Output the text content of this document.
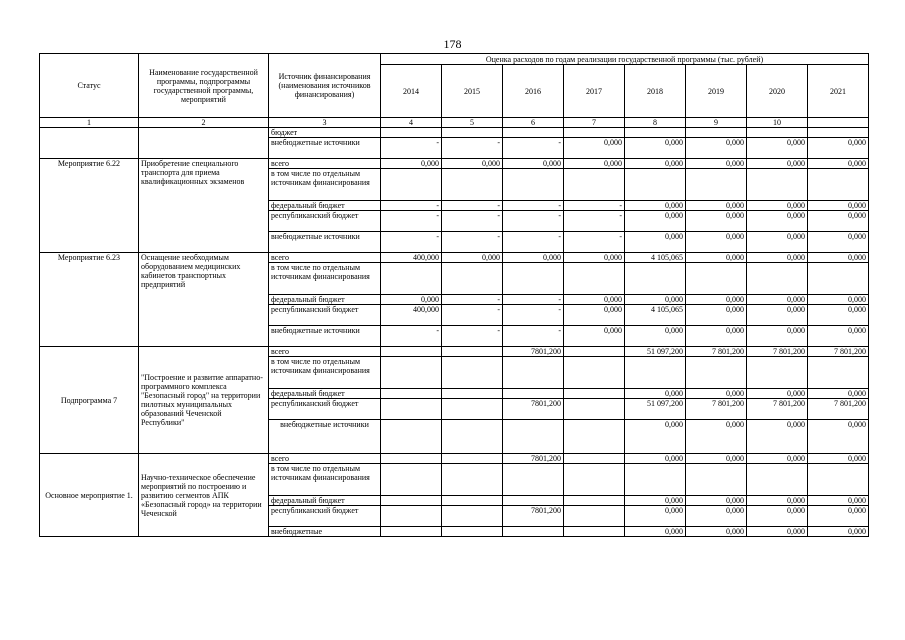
178
Статус	Наименование государственной программы, подпрограммы государственной программы, мероприятий	Источник финансирования (наименования источников финансирования)	Оценка расходов по годам реализации государственной программы (тыс. рублей)							
			2014	2015	2016	2017	2018	2019	2020	2021
1	2	3	4	5	6	7	8	9	10	
		бюджет								
		внебюджетные источники	-	-	-	0,000	0,000	0,000	0,000	0,000
Мероприятие 6.22	Приобретение специального транспорта для приема квалификационных экзаменов	всего	0,000	0,000	0,000	0,000	0,000	0,000	0,000	0,000
		в том числе по отдельным источникам финансирования								
		федеральный бюджет	-	-	-	-	0,000	0,000	0,000	0,000
		республиканский бюджет	-	-	-	-	0,000	0,000	0,000	0,000
		внебюджетные источники	-	-	-	-	0,000	0,000	0,000	0,000
Мероприятие 6.23	Оснащение необходимым оборудованием медицинских кабинетов транспортных предприятий	всего	400,000	0,000	0,000	0,000	4 105,065	0,000	0,000	0,000
		в том числе по отдельным источникам финансирования								
		федеральный бюджет	0,000	-	-	0,000	0,000	0,000	0,000	0,000
		республиканский бюджет	400,000	-	-	0,000	4 105,065	0,000	0,000	0,000
		внебюджетные источники	-	-	-	0,000	0,000	0,000	0,000	0,000
Подпрограмма 7	"Построение и развитие аппаратно-программного комплекса "Безопасный город" на территории пилотных муниципальных образований Чеченской Республики"	всего			7801,200		51 097,200	7 801,200	7 801,200	7 801,200
		в том числе по отдельным источникам финансирования								
		федеральный бюджет					0,000	0,000	0,000	0,000
		республиканский бюджет			7801,200		51 097,200	7 801,200	7 801,200	7 801,200
		внебюджетные источники					0,000	0,000	0,000	0,000
Основное мероприятие 1.	Научно-техническое обеспечение мероприятий по построению и развитию сегментов АПК «Безопасный город» на территории Чеченской	всего			7801,200		0,000	0,000	0,000	0,000
		в том числе по отдельным источникам финансирования								
		федеральный бюджет					0,000	0,000	0,000	0,000
		республиканский бюджет			7801,200		0,000	0,000	0,000	0,000
		внебюджетные					0,000	0,000	0,000	0,000
